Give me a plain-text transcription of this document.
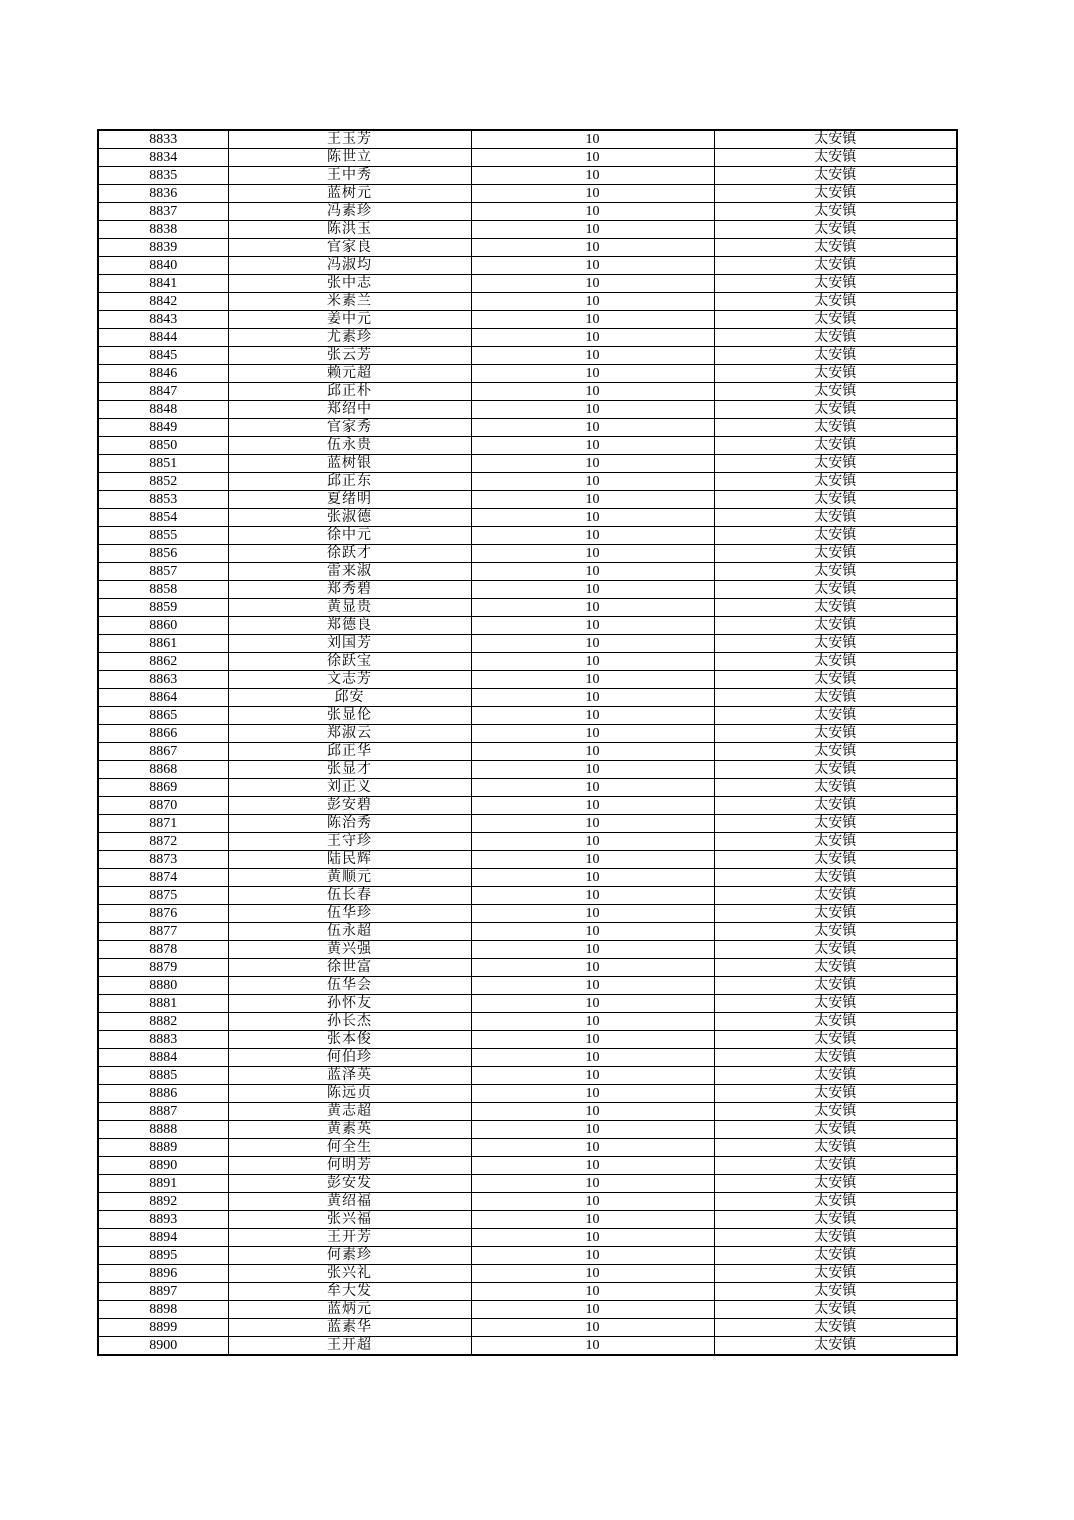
8833	王玉芳	10	太安镇
8834	陈世立	10	太安镇
8835	王中秀	10	太安镇
8836	蓝树元	10	太安镇
8837	冯素珍	10	太安镇
8838	陈洪玉	10	太安镇
8839	官家良	10	太安镇
8840	冯淑均	10	太安镇
8841	张中志	10	太安镇
8842	米素兰	10	太安镇
8843	姜中元	10	太安镇
8844	尤素珍	10	太安镇
8845	张云芳	10	太安镇
8846	赖元超	10	太安镇
8847	邱正朴	10	太安镇
8848	郑绍中	10	太安镇
8849	官家秀	10	太安镇
8850	伍永贵	10	太安镇
8851	蓝树银	10	太安镇
8852	邱正东	10	太安镇
8853	夏绪明	10	太安镇
8854	张淑德	10	太安镇
8855	徐中元	10	太安镇
8856	徐跃才	10	太安镇
8857	雷来淑	10	太安镇
8858	郑秀碧	10	太安镇
8859	黄显贵	10	太安镇
8860	郑德良	10	太安镇
8861	刘国芳	10	太安镇
8862	徐跃宝	10	太安镇
8863	文志芳	10	太安镇
8864	邱安	10	太安镇
8865	张显伦	10	太安镇
8866	郑淑云	10	太安镇
8867	邱正华	10	太安镇
8868	张显才	10	太安镇
8869	刘正义	10	太安镇
8870	彭安碧	10	太安镇
8871	陈治秀	10	太安镇
8872	王守珍	10	太安镇
8873	陆民辉	10	太安镇
8874	黄顺元	10	太安镇
8875	伍长春	10	太安镇
8876	伍华珍	10	太安镇
8877	伍永超	10	太安镇
8878	黄兴强	10	太安镇
8879	徐世富	10	太安镇
8880	伍华会	10	太安镇
8881	孙怀友	10	太安镇
8882	孙长杰	10	太安镇
8883	张本俊	10	太安镇
8884	何伯珍	10	太安镇
8885	蓝泽英	10	太安镇
8886	陈远贞	10	太安镇
8887	黄志超	10	太安镇
8888	黄素英	10	太安镇
8889	何全生	10	太安镇
8890	何明芳	10	太安镇
8891	彭安发	10	太安镇
8892	黄绍福	10	太安镇
8893	张兴福	10	太安镇
8894	王开芳	10	太安镇
8895	何素珍	10	太安镇
8896	张兴礼	10	太安镇
8897	牟大发	10	太安镇
8898	蓝炳元	10	太安镇
8899	蓝素华	10	太安镇
8900	王开超	10	太安镇
